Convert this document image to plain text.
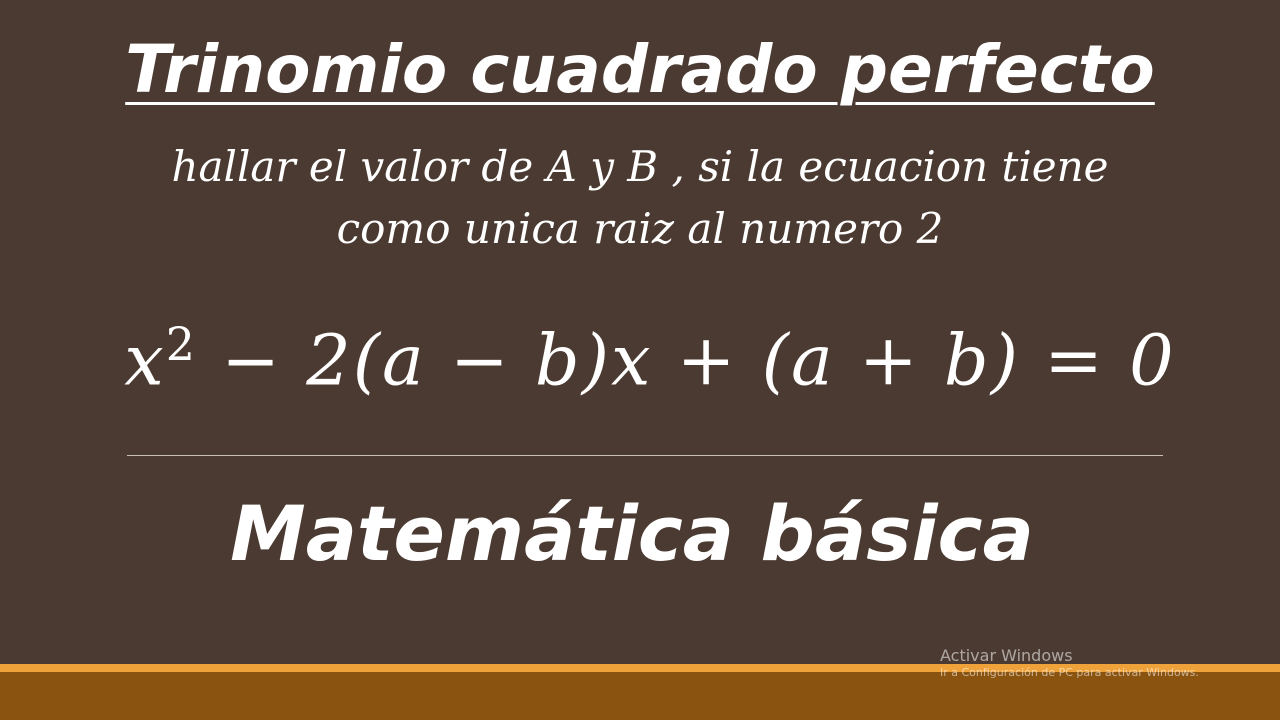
Trinomio cuadrado perfecto
hallar el valor de A y B , si la ecuacion tiene
como unica raiz al numero 2
$x^2 - 2(a - b)x + (a + b) = 0$
Matemática básica
Activar Windows
Ir a Configuración de PC para activar Windows.
